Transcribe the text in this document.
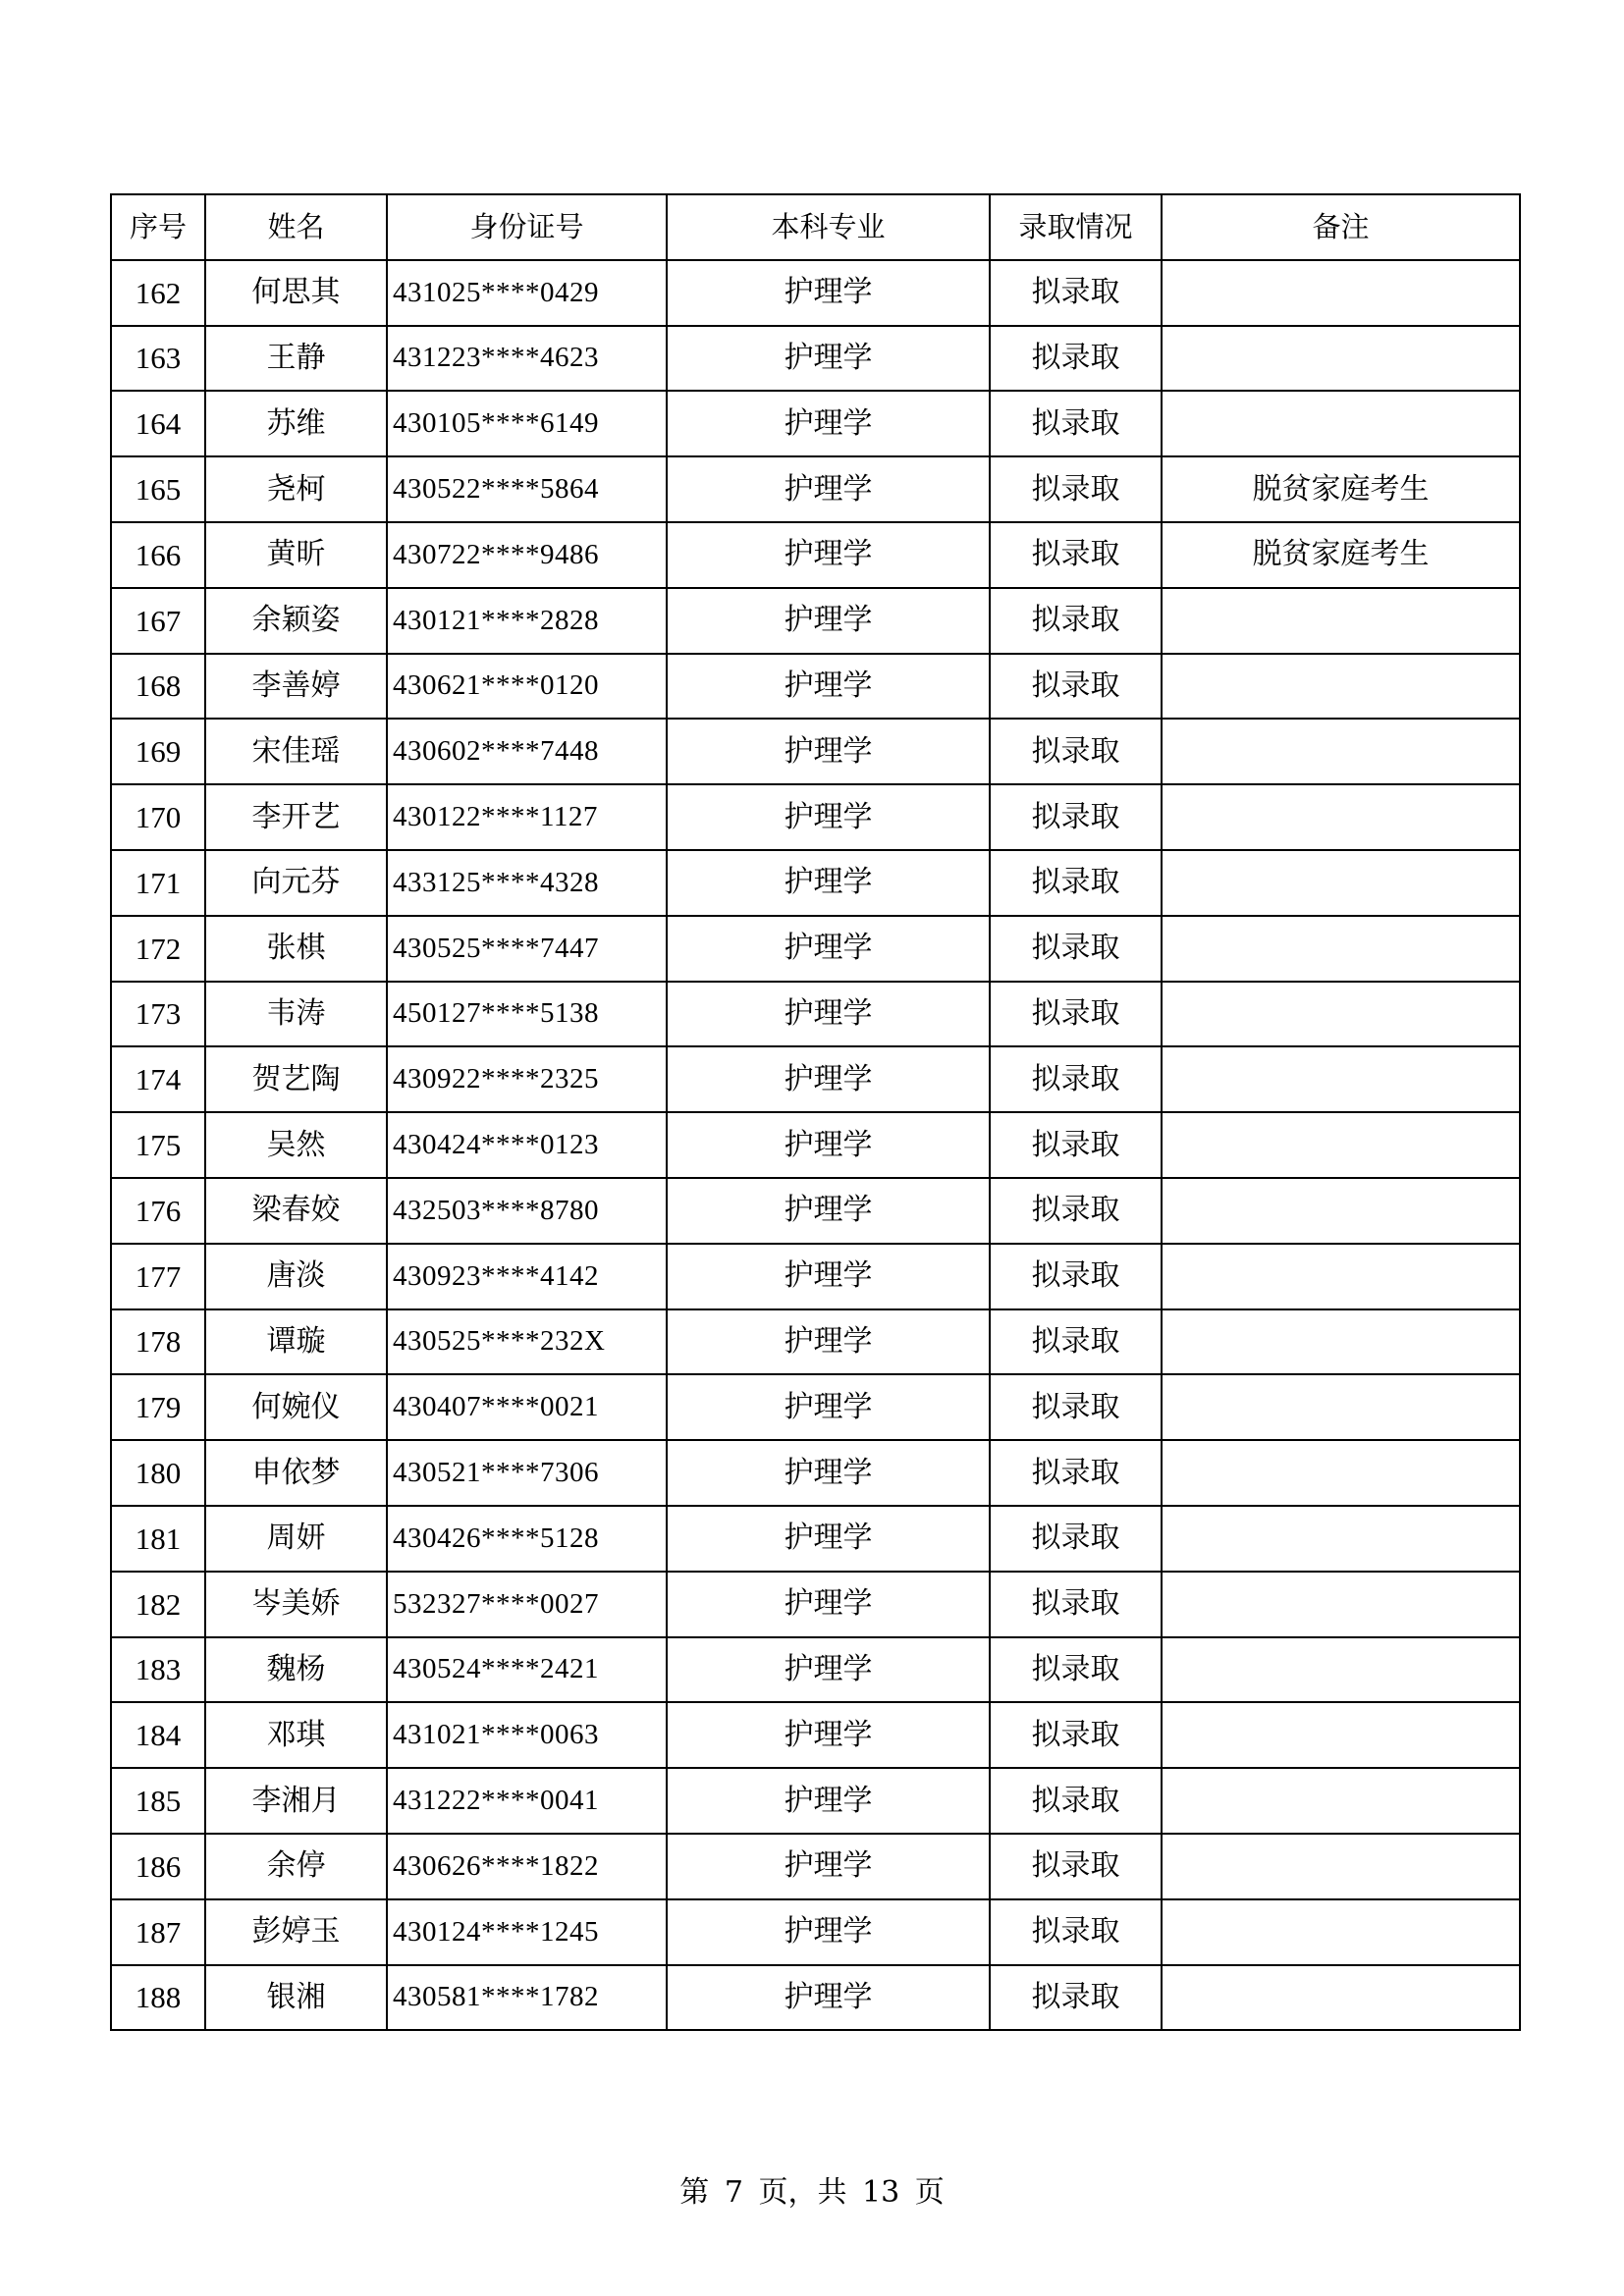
序号	姓名	身份证号	本科专业	录取情况	备注
162	何思其	431025****0429	护理学	拟录取	
163	王静	431223****4623	护理学	拟录取	
164	苏维	430105****6149	护理学	拟录取	
165	尧柯	430522****5864	护理学	拟录取	脱贫家庭考生
166	黄昕	430722****9486	护理学	拟录取	脱贫家庭考生
167	余颖姿	430121****2828	护理学	拟录取	
168	李善婷	430621****0120	护理学	拟录取	
169	宋佳瑶	430602****7448	护理学	拟录取	
170	李开艺	430122****1127	护理学	拟录取	
171	向元芬	433125****4328	护理学	拟录取	
172	张棋	430525****7447	护理学	拟录取	
173	韦涛	450127****5138	护理学	拟录取	
174	贺艺陶	430922****2325	护理学	拟录取	
175	吴然	430424****0123	护理学	拟录取	
176	梁春姣	432503****8780	护理学	拟录取	
177	唐淡	430923****4142	护理学	拟录取	
178	谭璇	430525****232X	护理学	拟录取	
179	何婉仪	430407****0021	护理学	拟录取	
180	申依梦	430521****7306	护理学	拟录取	
181	周妍	430426****5128	护理学	拟录取	
182	岑美娇	532327****0027	护理学	拟录取	
183	魏杨	430524****2421	护理学	拟录取	
184	邓琪	431021****0063	护理学	拟录取	
185	李湘月	431222****0041	护理学	拟录取	
186	余停	430626****1822	护理学	拟录取	
187	彭婷玉	430124****1245	护理学	拟录取	
188	银湘	430581****1782	护理学	拟录取	
第 7 页，共 13 页
